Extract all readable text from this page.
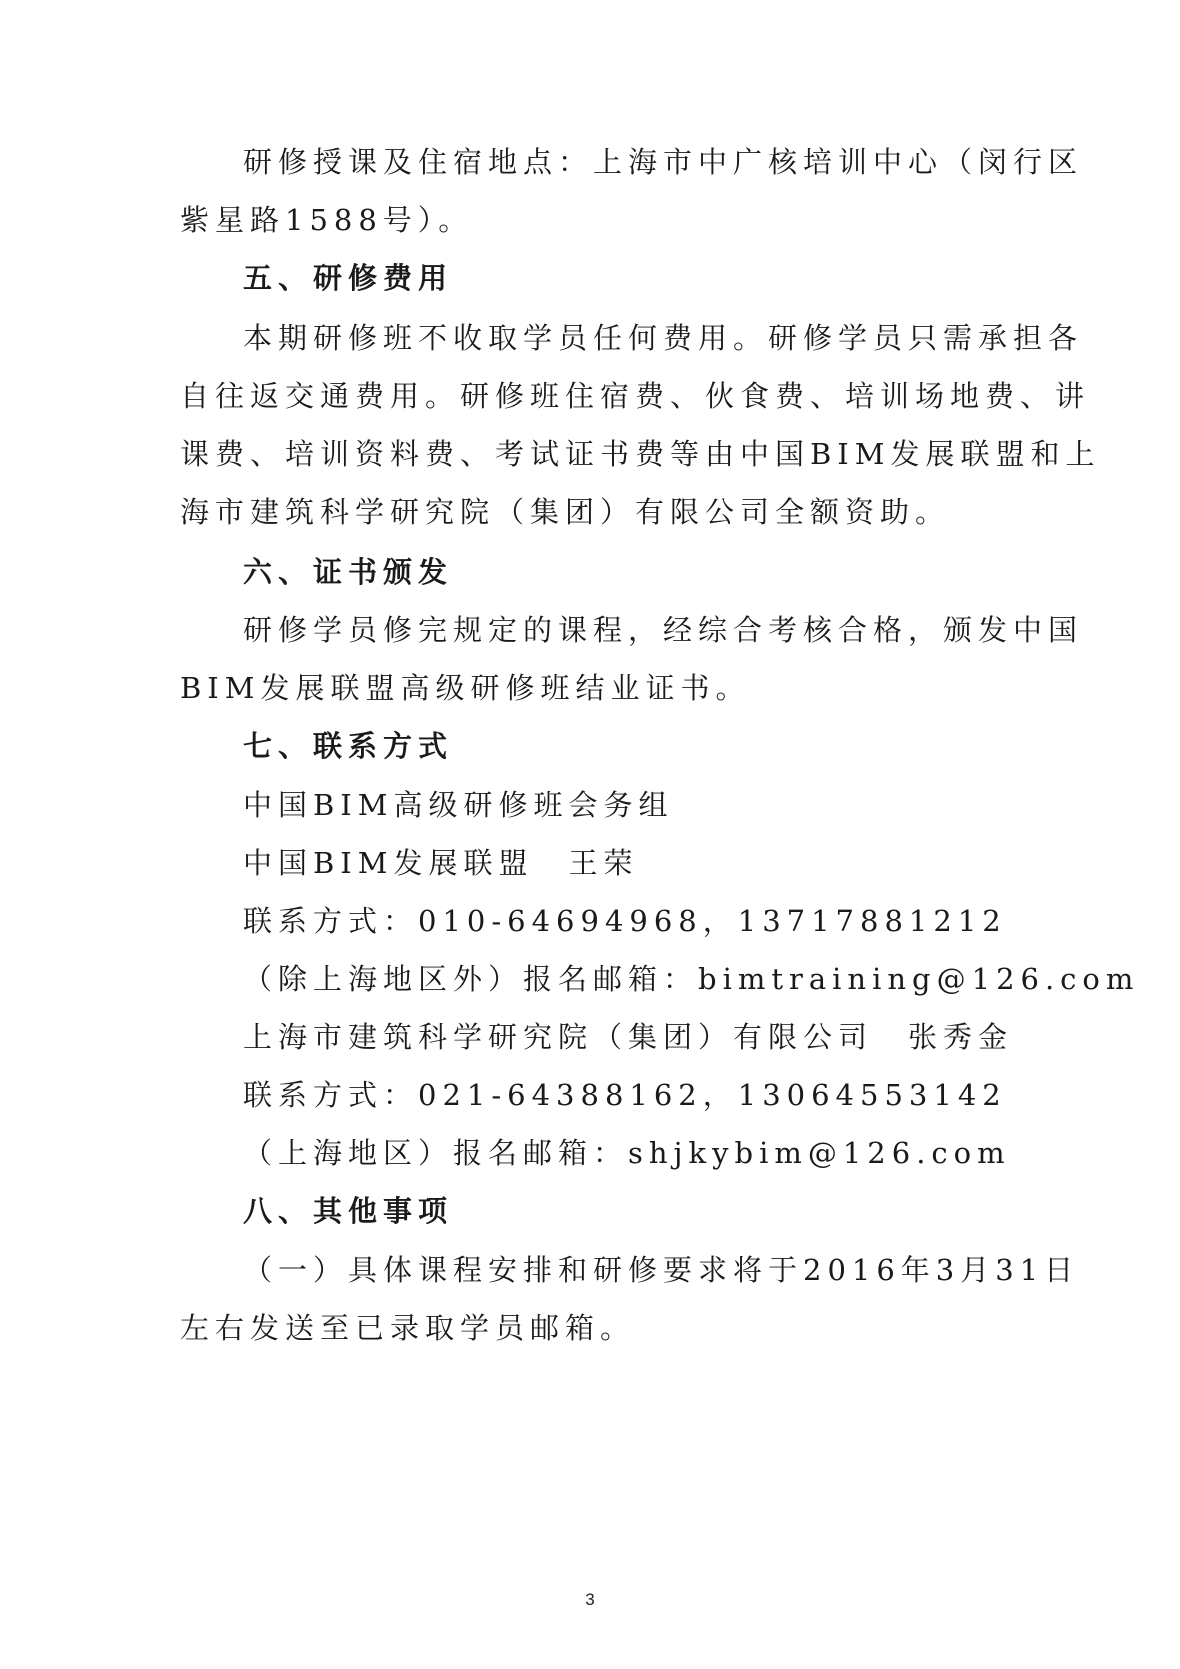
研修授课及住宿地点：上海市中广核培训中心（闵行区
紫星路1588号）。
五、研修费用
本期研修班不收取学员任何费用。研修学员只需承担各
自往返交通费用。研修班住宿费、伙食费、培训场地费、讲
课费、培训资料费、考试证书费等由中国BIM发展联盟和上
海市建筑科学研究院（集团）有限公司全额资助。
六、证书颁发
研修学员修完规定的课程，经综合考核合格，颁发中国
BIM发展联盟高级研修班结业证书。
七、联系方式
中国BIM高级研修班会务组
中国BIM发展联盟　王荣
联系方式：010-64694968，13717881212
（除上海地区外）报名邮箱：bimtraining@126.com
上海市建筑科学研究院（集团）有限公司　张秀金
联系方式：021-64388162，13064553142
（上海地区）报名邮箱：shjkybim@126.com
八、其他事项
（一）具体课程安排和研修要求将于2016年3月31日
左右发送至已录取学员邮箱。
3
